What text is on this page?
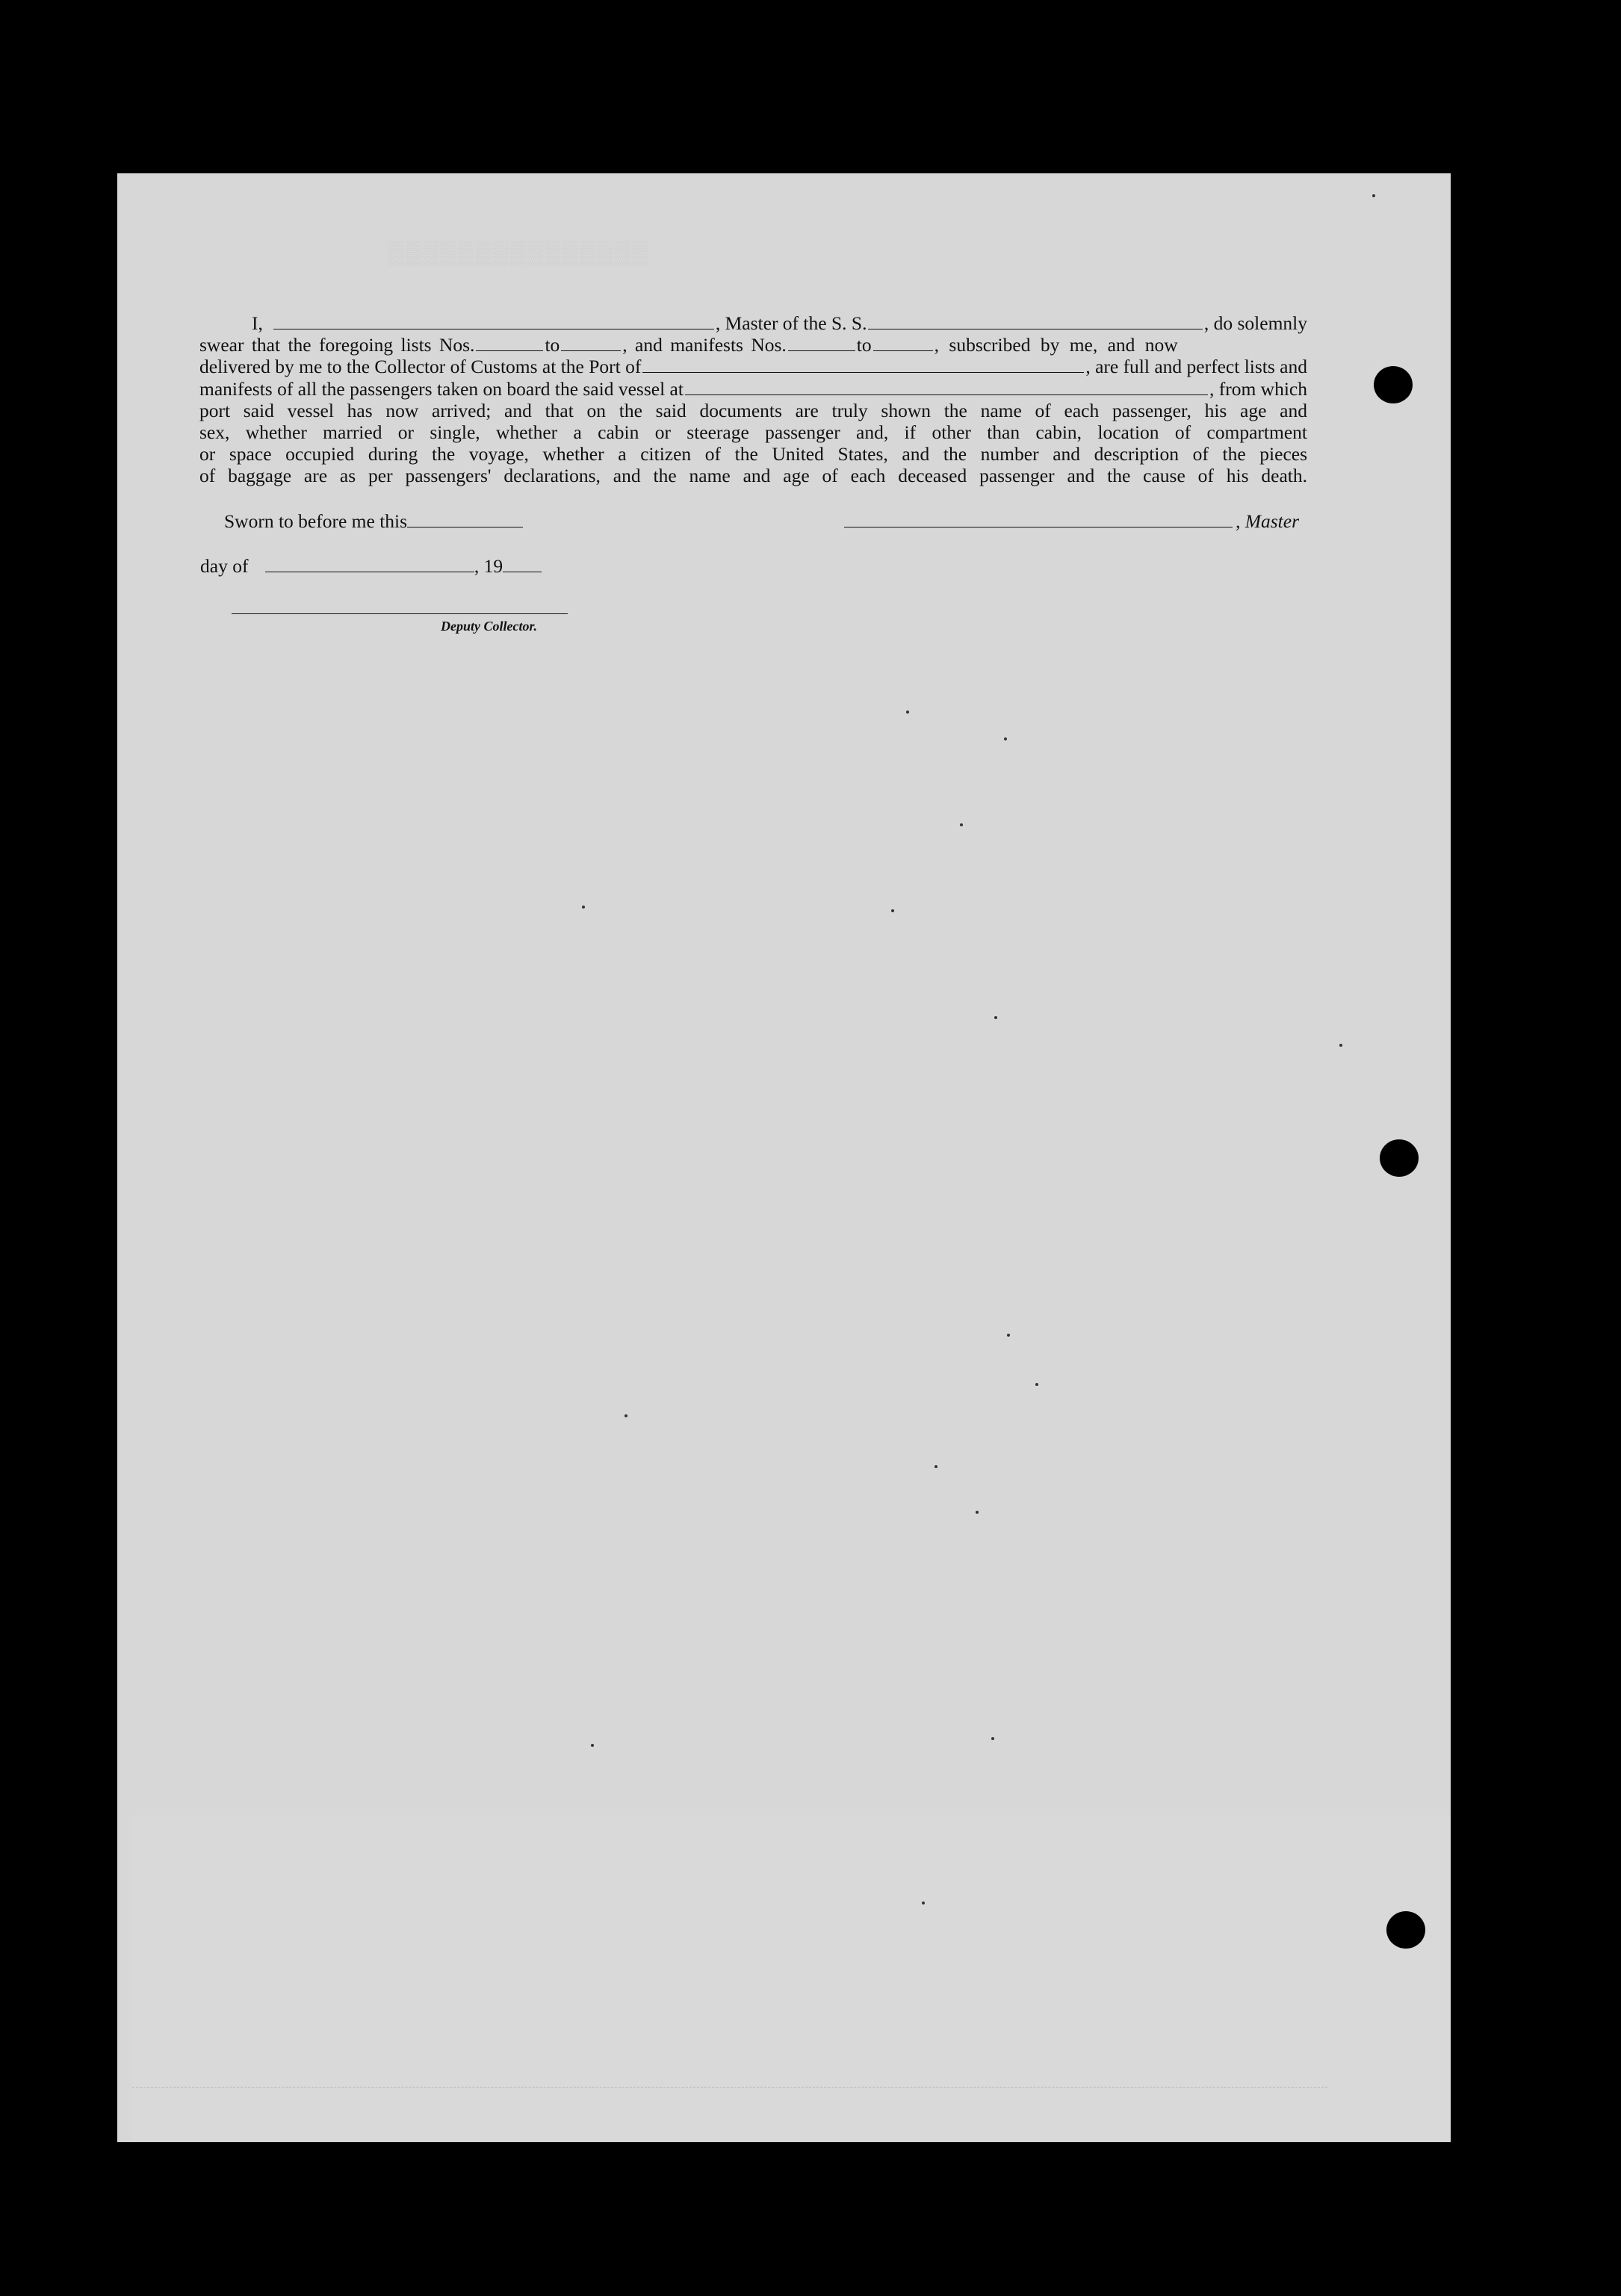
▒▒▒▒▒▒▒▒▒▒▒▒▒▒▒
I,	, Master of the S. S.	, do solemnly
swear that the foregoing lists Nos.	to	, and manifests Nos.	to	, subscribed by me, and now
delivered by me to the Collector of Customs at the Port of	, are full and perfect lists and
manifests of all the passengers taken on board the said vessel at	, from which

port said vessel has now arrived; and that on the said documents are truly shown the name of each passenger, his age and

sex, whether married or single, whether a cabin or steerage passenger and, if other than cabin, location of compartment

or space occupied during the voyage, whether a citizen of the United States, and the number and description of the pieces

of baggage are as per passengers' declarations, and the name and age of each deceased passenger and the cause of his death.

Sworn to before me this
day of	, 19
, Master
Deputy Collector.
